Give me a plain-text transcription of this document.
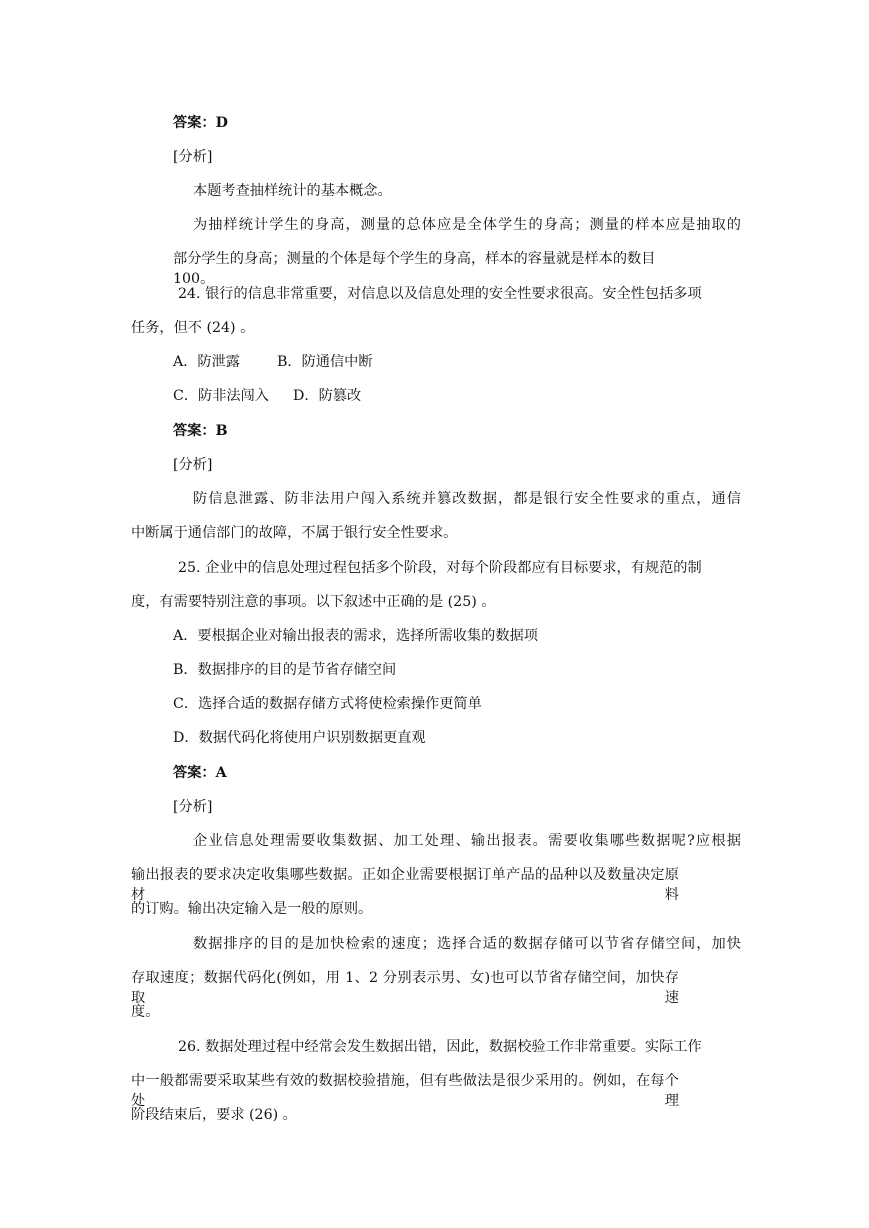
答案：D

[分析]

本题考查抽样统计的基本概念。

为抽样统计学生的身高，测量的总体应是全体学生的身高；测量的样本应是抽取的

部分学生的身高；测量的个体是每个学生的身高，样本的容量就是样本的数目 100。

24. 银行的信息非常重要，对信息以及信息处理的安全性要求很高。安全性包括多项

任务，但不 (24) 。

A．防泄露	B．防通信中断

C．防非法闯入 D．防篡改

答案：B

[分析]

防信息泄露、防非法用户闯入系统并篡改数据，都是银行安全性要求的重点，通信

中断属于通信部门的故障，不属于银行安全性要求。

25. 企业中的信息处理过程包括多个阶段，对每个阶段都应有目标要求，有规范的制

度，有需要特别注意的事项。以下叙述中正确的是 (25) 。

A．要根据企业对输出报表的需求，选择所需收集的数据项

B．数据排序的目的是节省存储空间

C．选择合适的数据存储方式将使检索操作更简单

D．数据代码化将使用户识别数据更直观

答案：A

[分析]

企业信息处理需要收集数据、加工处理、输出报表。需要收集哪些数据呢?应根据

输出报表的要求决定收集哪些数据。正如企业需要根据订单产品的品种以及数量决定原材料

的订购。输出决定输入是一般的原则。

数据排序的目的是加快检索的速度；选择合适的数据存储可以节省存储空间，加快

存取速度；数据代码化(例如，用 1、2 分别表示男、女)也可以节省存储空间，加快存取速

度。

26. 数据处理过程中经常会发生数据出错，因此，数据校验工作非常重要。实际工作

中一般都需要采取某些有效的数据校验措施，但有些做法是很少采用的。例如，在每个处理

阶段结束后，要求 (26) 。
